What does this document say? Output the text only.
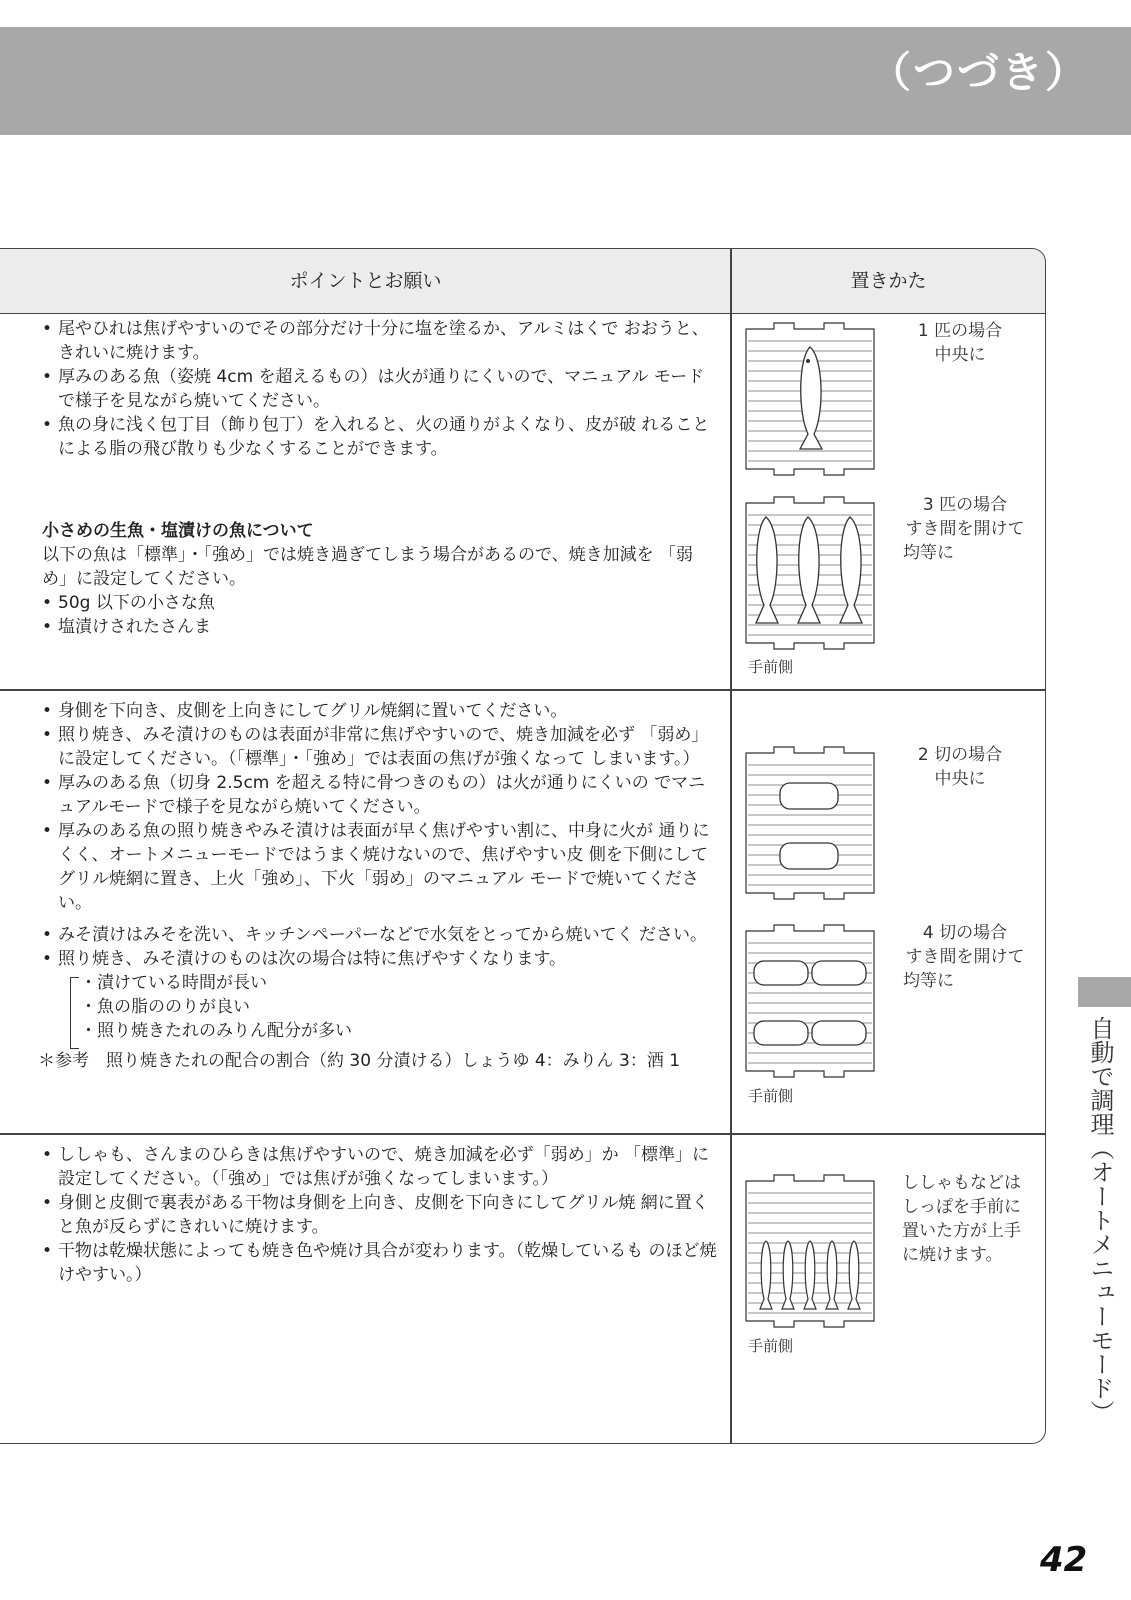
（つづき）
ポイントとお願い	置きかた

• 尾やひれは焦げやすいのでその部分だけ十分に塩を塗るか、アルミはくで おおうと、きれいに焼けます。

• 厚みのある魚（姿焼 4cm を超えるもの）は火が通りにくいので、マニュアル モードで様子を見ながら焼いてください。

• 魚の身に浅く包丁目（飾り包丁）を入れると、火の通りがよくなり、皮が破 れることによる脂の飛び散りも少なくすることができます。

小さめの生魚・塩漬けの魚について

以下の魚は「標準」・「強め」では焼き過ぎてしまう場合があるので、焼き加減を 「弱め」に設定してください。

• 50g 以下の小さな魚

• 塩漬けされたさんま

1 匹の場合
中央に
3 匹の場合
すき間を開けて
均等に
手前側

• 身側を下向き、皮側を上向きにしてグリル焼網に置いてください。

• 照り焼き、みそ漬けのものは表面が非常に焦げやすいので、焼き加減を必ず 「弱め」に設定してください。（「標準」・「強め」では表面の焦げが強くなって しまいます。）

• 厚みのある魚（切身 2.5cm を超える特に骨つきのもの）は火が通りにくいの でマニュアルモードで様子を見ながら焼いてください。

• 厚みのある魚の照り焼きやみそ漬けは表面が早く焦げやすい割に、中身に火が 通りにくく、オートメニューモードではうまく焼けないので、焦げやすい皮 側を下側にしてグリル焼網に置き、上火「強め」、下火「弱め」のマニュアル モードで焼いてください。

• みそ漬けはみそを洗い、キッチンペーパーなどで水気をとってから焼いてく ださい。

• 照り焼き、みそ漬けのものは次の場合は特に焦げやすくなります。

・漬けている時間が長い

・魚の脂ののりが良い

・照り焼きたれのみりん配分が多い

＊参考　照り焼きたれの配合の割合（約 30 分漬ける）しょうゆ 4：みりん 3：酒 1

2 切の場合
中央に
4 切の場合
すき間を開けて
均等に
手前側

• ししゃも、さんまのひらきは焦げやすいので、焼き加減を必ず「弱め」か 「標準」に設定してください。（「強め」では焦げが強くなってしまいます。）

• 身側と皮側で裏表がある干物は身側を上向き、皮側を下向きにしてグリル焼 網に置くと魚が反らずにきれいに焼けます。

• 干物は乾燥状態によっても焼き色や焼け具合が変わります。（乾燥しているも のほど焼けやすい。）

ししゃもなどは
しっぽを手前に
置いた方が上手
に焼けます。
手前側	自動で調理（オートメニューモード）
42
